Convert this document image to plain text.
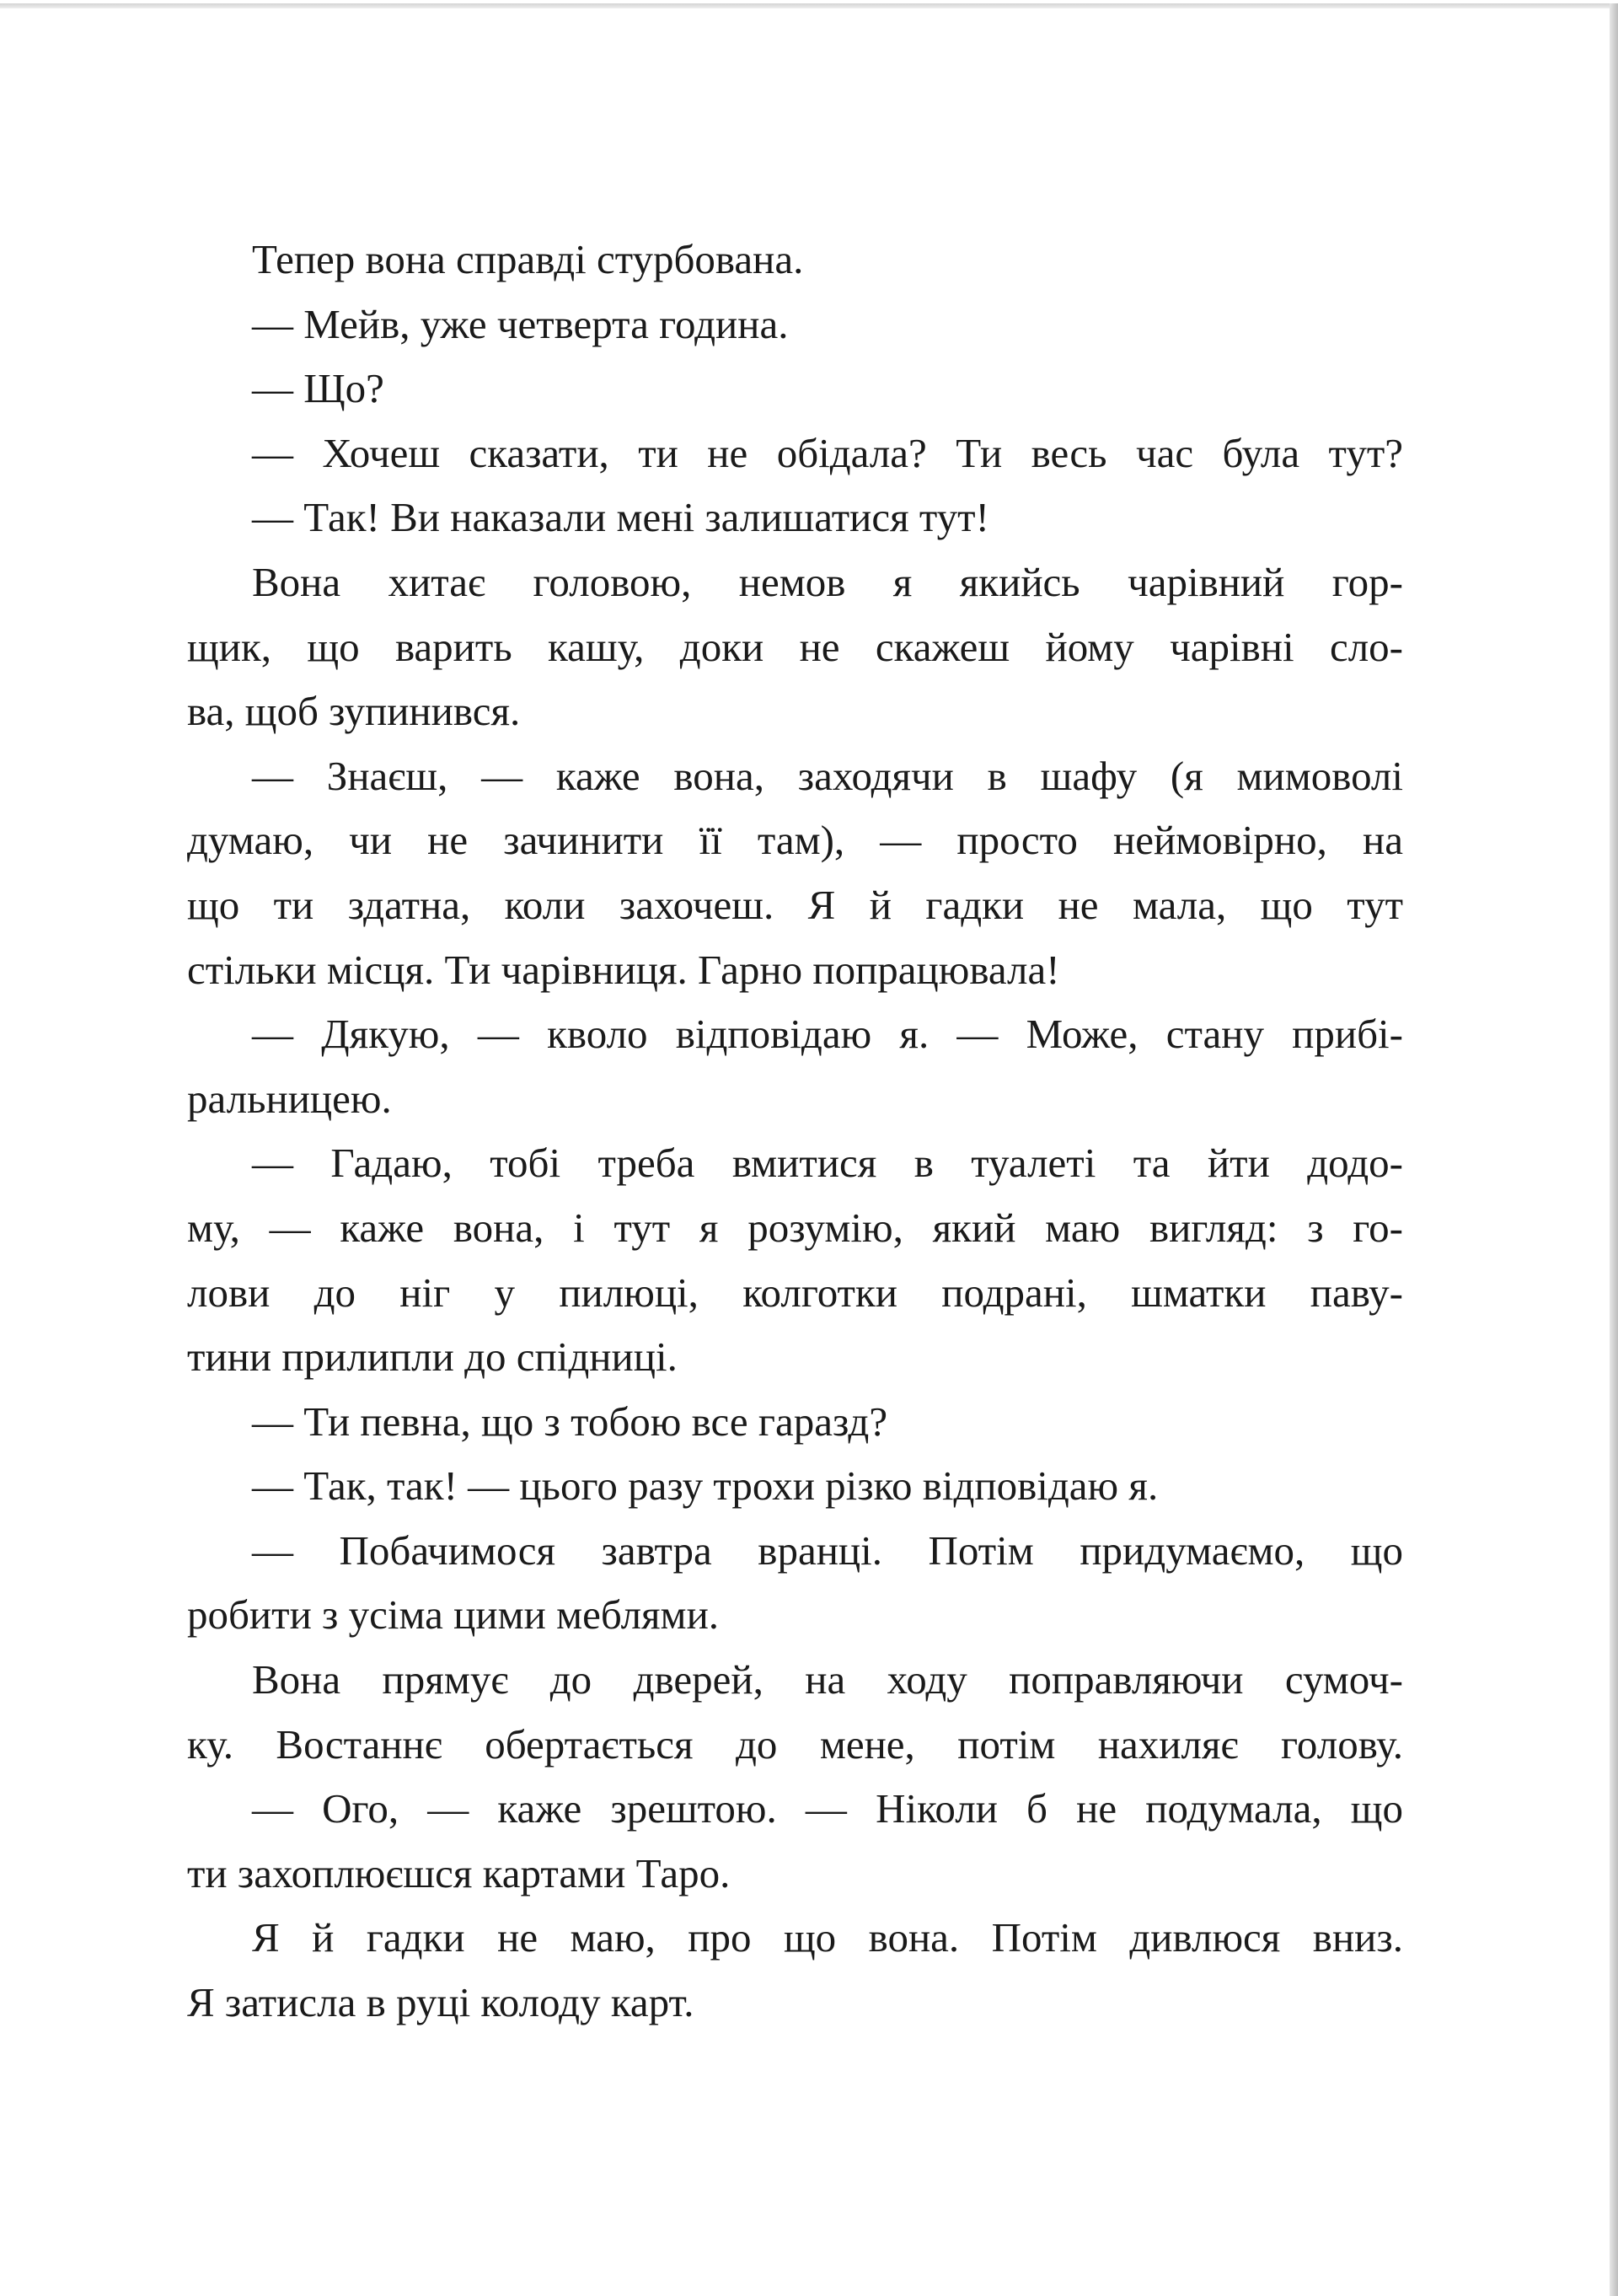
Тепер вона справді стурбована.
— Мейв, уже четверта година.
— Що?
— Хочеш сказати, ти не обідала? Ти весь час була тут?
— Так! Ви наказали мені залишатися тут!
Вона хитає головою, немов я якийсь чарівний гор-
щик, що варить кашу, доки не скажеш йому чарівні сло-
ва, щоб зупинився.
— Знаєш, — каже вона, заходячи в шафу (я мимоволі
думаю, чи не зачинити її там), — просто неймовірно, на
що ти здатна, коли захочеш. Я й гадки не мала, що тут
стільки місця. Ти чарівниця. Гарно попрацювала!
— Дякую, — кволо відповідаю я. — Може, стану прибі-
ральницею.
— Гадаю, тобі треба вмитися в туалеті та йти додо-
му, — каже вона, і тут я розумію, який маю вигляд: з го-
лови до ніг у пилюці, колготки подрані, шматки паву-
тини прилипли до спідниці.
— Ти певна, що з тобою все гаразд?
— Так, так! — цього разу трохи різко відповідаю я.
— Побачимося завтра вранці. Потім придумаємо, що
робити з усіма цими меблями.
Вона прямує до дверей, на ходу поправляючи сумоч-
ку. Востаннє обертається до мене, потім нахиляє голову.
— Ого, — каже зрештою. — Ніколи б не подумала, що
ти захоплюєшся картами Таро.
Я й гадки не маю, про що вона. Потім дивлюся вниз.
Я затисла в руці колоду карт.
